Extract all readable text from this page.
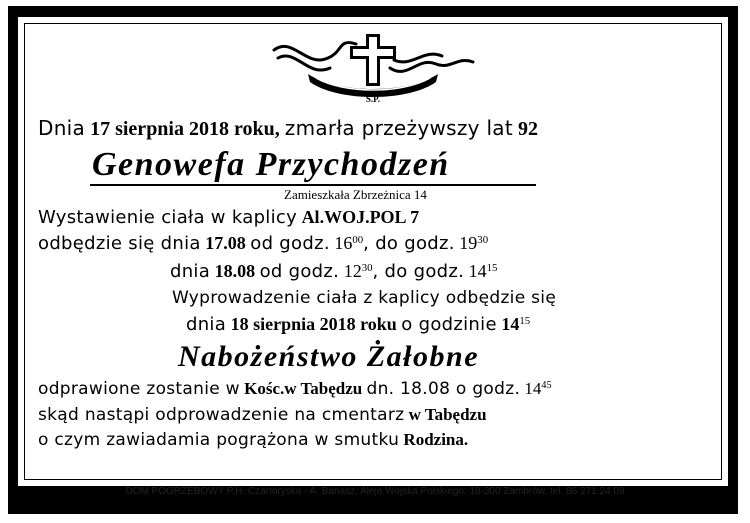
S.P.
Dnia 17 sierpnia 2018 roku, zmarła przeżywszy lat 92
Genowefa Przychodzeń
Zamieszkała Zbrzeżnica 14
Wystawienie ciała w kaplicy Al.WOJ.POL 7
odbędzie się dnia 17.08 od godz. $16^{00}$, do godz. $19^{30}$
dnia 18.08 od godz. $12^{30}$, do godz. $14^{15}$
Wyprowadzenie ciała z kaplicy odbędzie się
dnia 18 sierpnia 2018 roku o godzinie $14^{15}$
Nabożeństwo Żałobne
odprawione zostanie w Kośc.w Tabędzu dn. 18.08 o godz. $14^{45}$
skąd nastąpi odprowadzenie na cmentarz w Tabędzu
o czym zawiadamia pogrążona w smutku Rodzina.
DOM POGRZEBOWY P.H. Czartoryska - A. Banasz, Aleja Wojska Polskiego, 18-300 Zambrów, tel. 86 271 24 09
